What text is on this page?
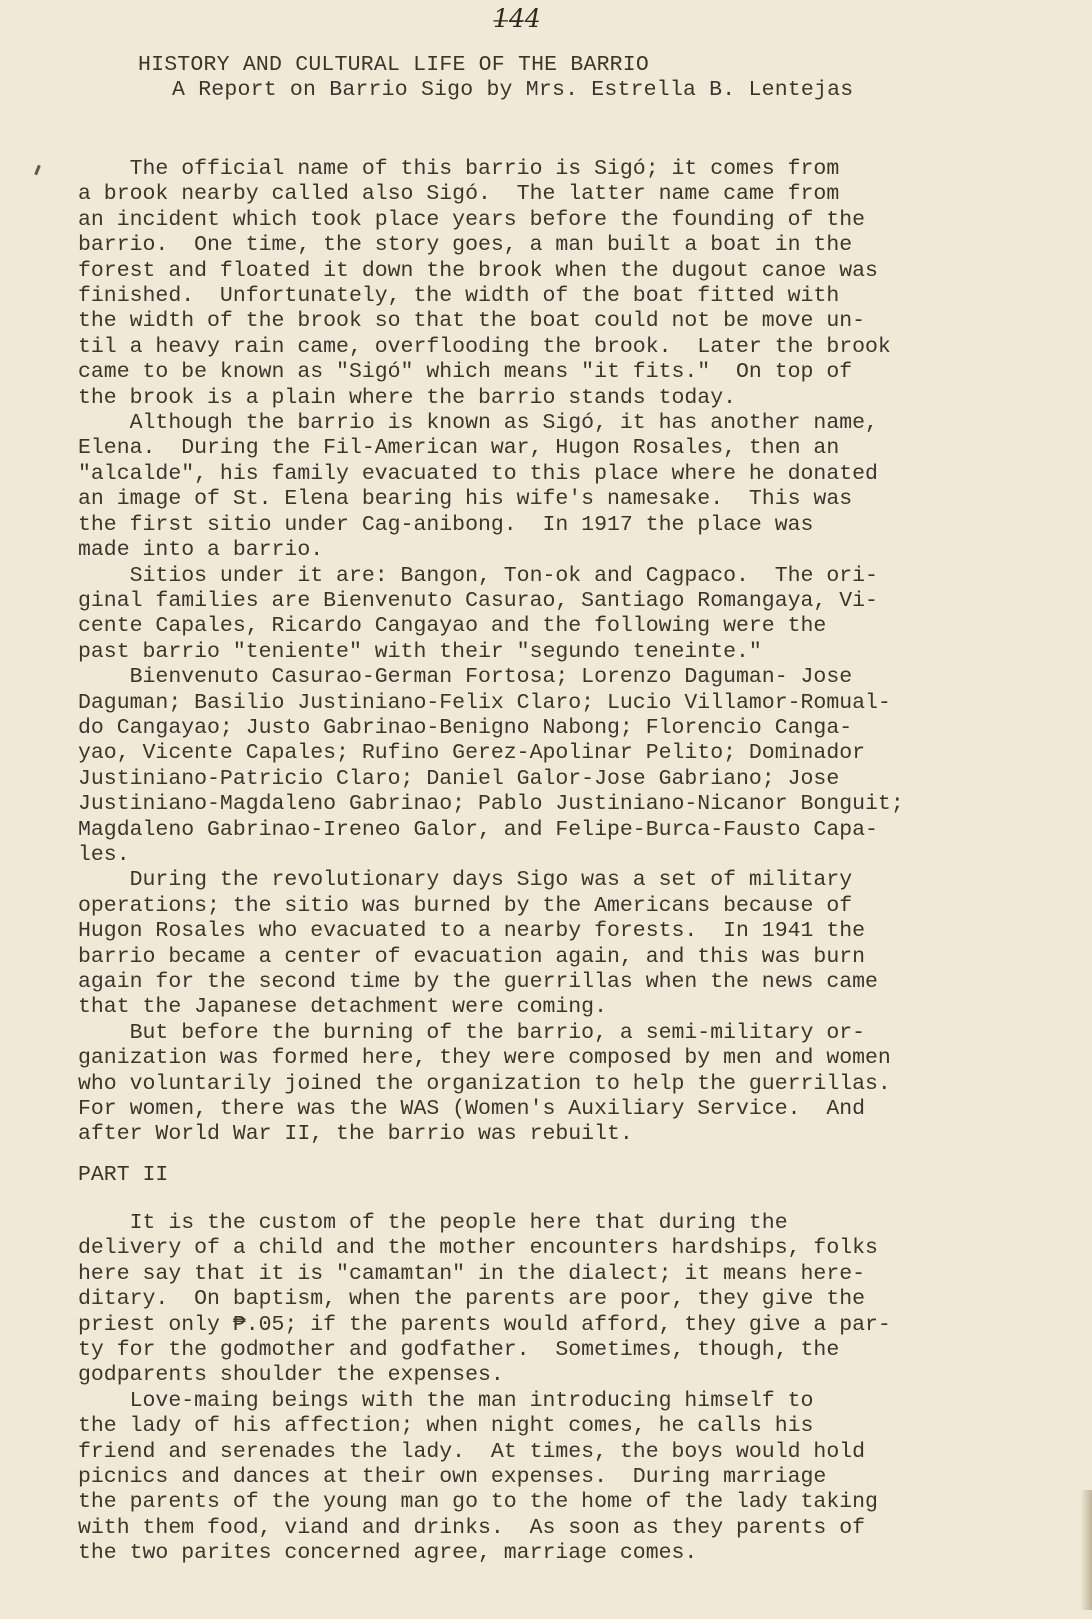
1̶4̶4
HISTORY AND CULTURAL LIFE OF THE BARRIO
A Report on Barrio Sigo by Mrs. Estrella B. Lentejas

The official name of this barrio is Sigó; it comes from

a brook nearby called also Sigó.  The latter name came from

an incident which took place years before the founding of the

barrio.  One time, the story goes, a man built a boat in the

forest and floated it down the brook when the dugout canoe was

finished.  Unfortunately, the width of the boat fitted with

the width of the brook so that the boat could not be move un-

til a heavy rain came, overflooding the brook.  Later the brook

came to be known as "Sigó" which means "it fits."  On top of

the brook is a plain where the barrio stands today.

Although the barrio is known as Sigó, it has another name,

Elena.  During the Fil-American war, Hugon Rosales, then an

"alcalde", his family evacuated to this place where he donated

an image of St. Elena bearing his wife's namesake.  This was

the first sitio under Cag-anibong.  In 1917 the place was

made into a barrio.

Sitios under it are: Bangon, Ton-ok and Cagpaco.  The ori-

ginal families are Bienvenuto Casurao, Santiago Romangaya, Vi-

cente Capales, Ricardo Cangayao and the following were the

past barrio "teniente" with their "segundo teneinte."

Bienvenuto Casurao-German Fortosa; Lorenzo Daguman- Jose

Daguman; Basilio Justiniano-Felix Claro; Lucio Villamor-Romual-

do Cangayao; Justo Gabrinao-Benigno Nabong; Florencio Canga-

yao, Vicente Capales; Rufino Gerez-Apolinar Pelito; Dominador

Justiniano-Patricio Claro; Daniel Galor-Jose Gabriano; Jose

Justiniano-Magdaleno Gabrinao; Pablo Justiniano-Nicanor Bonguit;

Magdaleno Gabrinao-Ireneo Galor, and Felipe-Burca-Fausto Capa-

les.

During the revolutionary days Sigo was a set of military

operations; the sitio was burned by the Americans because of

Hugon Rosales who evacuated to a nearby forests.  In 1941 the

barrio became a center of evacuation again, and this was burn

again for the second time by the guerrillas when the news came

that the Japanese detachment were coming.

But before the burning of the barrio, a semi-military or-

ganization was formed here, they were composed by men and women

who voluntarily joined the organization to help the guerrillas.

For women, there was the WAS (Women's Auxiliary Service.  And

after World War II, the barrio was rebuilt.

PART II

It is the custom of the people here that during the

delivery of a child and the mother encounters hardships, folks

here say that it is "camamtan" in the dialect; it means here-

ditary.  On baptism, when the parents are poor, they give the

priest only ₱.05; if the parents would afford, they give a par-

ty for the godmother and godfather.  Sometimes, though, the

godparents shoulder the expenses.

Love-maing beings with the man introducing himself to

the lady of his affection; when night comes, he calls his

friend and serenades the lady.  At times, the boys would hold

picnics and dances at their own expenses.  During marriage

the parents of the young man go to the home of the lady taking

with them food, viand and drinks.  As soon as they parents of

the two parites concerned agree, marriage comes.
